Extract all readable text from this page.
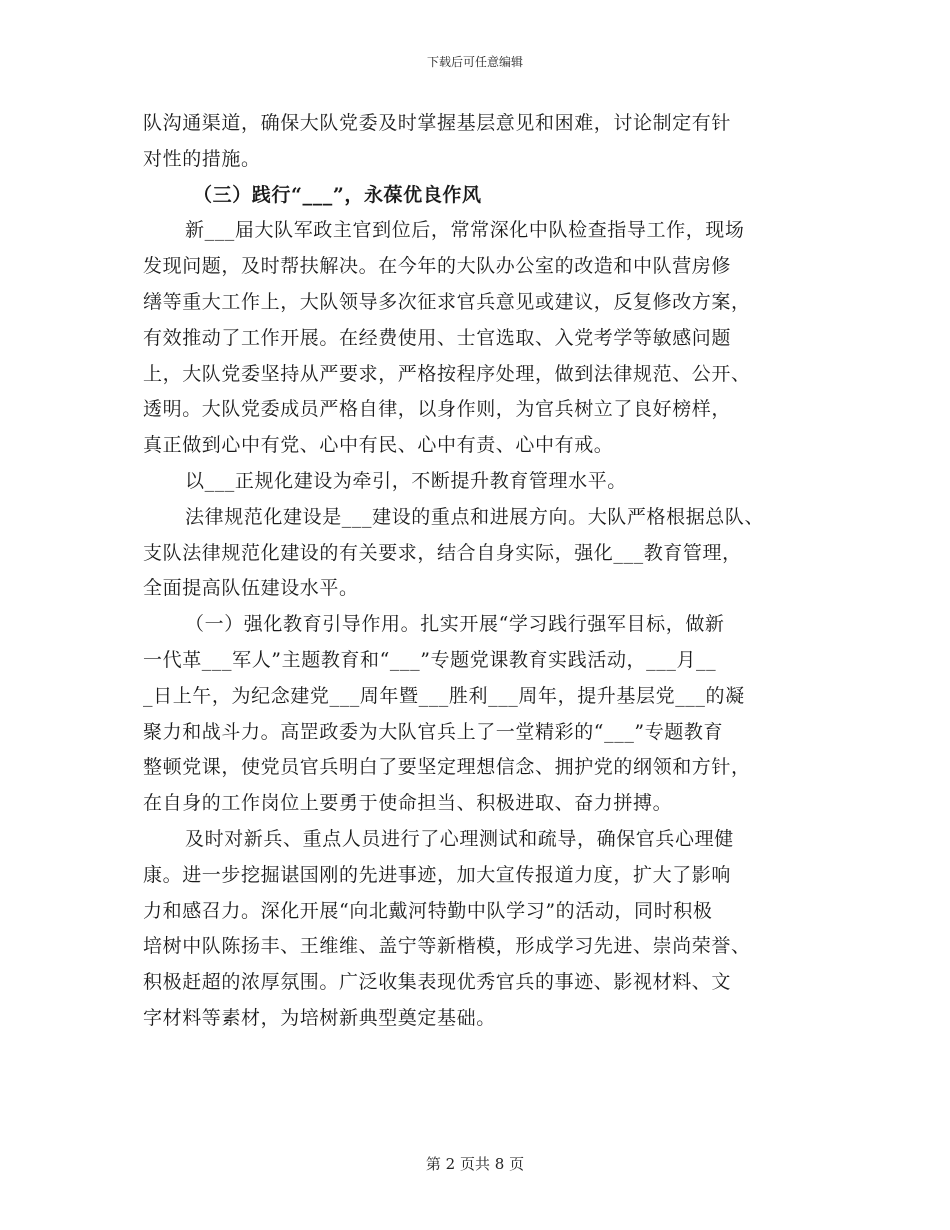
下载后可任意编辑
队沟通渠道，确保大队党委及时掌握基层意见和困难，讨论制定有针
对性的措施。
（三）践行“___”，永葆优良作风
新___届大队军政主官到位后，常常深化中队检查指导工作，现场
发现问题，及时帮扶解决。在今年的大队办公室的改造和中队营房修
缮等重大工作上，大队领导多次征求官兵意见或建议，反复修改方案，
有效推动了工作开展。在经费使用、士官选取、入党考学等敏感问题
上，大队党委坚持从严要求，严格按程序处理，做到法律规范、公开、
透明。大队党委成员严格自律，以身作则，为官兵树立了良好榜样，
真正做到心中有党、心中有民、心中有责、心中有戒。
以___正规化建设为牵引，不断提升教育管理水平。
法律规范化建设是___建设的重点和进展方向。大队严格根据总队、
支队法律规范化建设的有关要求，结合自身实际，强化___教育管理，
全面提高队伍建设水平。
（一）强化教育引导作用。扎实开展“学习践行强军目标，做新
一代革___军人”主题教育和“___”专题党课教育实践活动，___月__
_日上午，为纪念建党___周年暨___胜利___周年，提升基层党___的凝
聚力和战斗力。高罡政委为大队官兵上了一堂精彩的“___”专题教育
整顿党课，使党员官兵明白了要坚定理想信念、拥护党的纲领和方针，
在自身的工作岗位上要勇于使命担当、积极进取、奋力拼搏。
及时对新兵、重点人员进行了心理测试和疏导，确保官兵心理健
康。进一步挖掘谌国刚的先进事迹，加大宣传报道力度，扩大了影响
力和感召力。深化开展“向北戴河特勤中队学习”的活动，同时积极
培树中队陈扬丰、王维维、盖宁等新楷模，形成学习先进、崇尚荣誉、
积极赶超的浓厚氛围。广泛收集表现优秀官兵的事迹、影视材料、文
字材料等素材，为培树新典型奠定基础。
第 2 页共 8 页
